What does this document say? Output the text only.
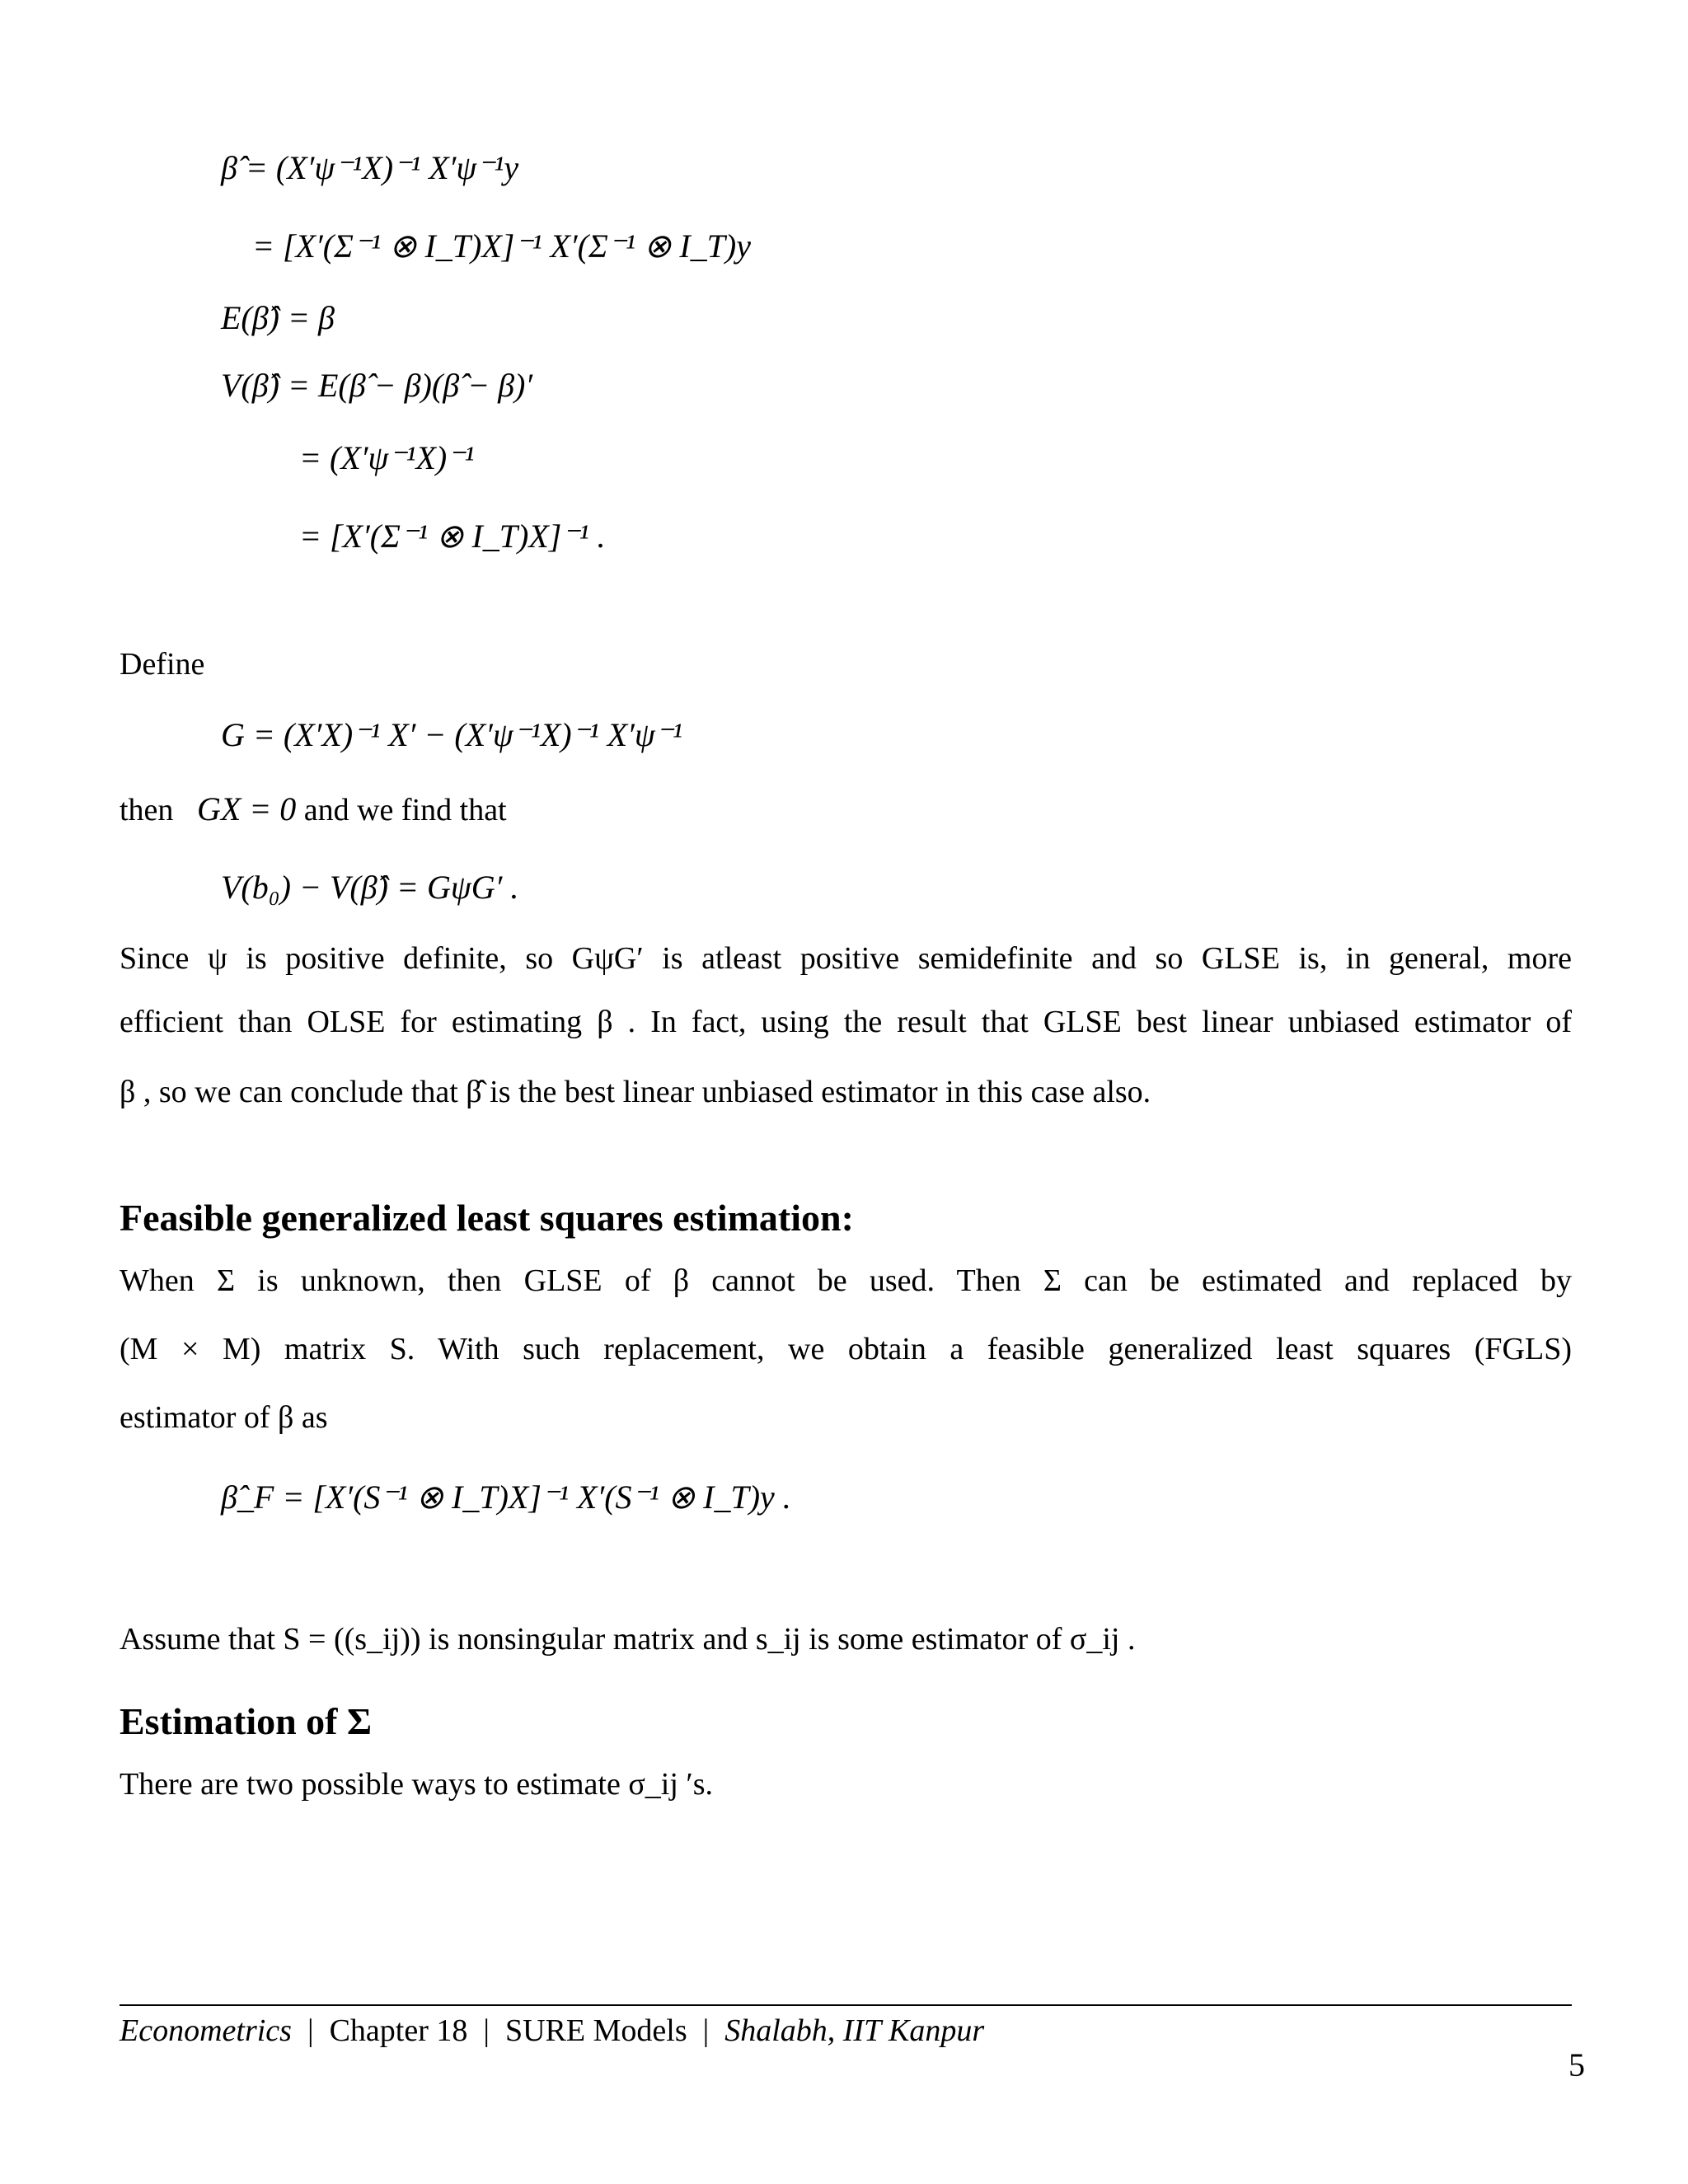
β̂ = (X′ψ⁻¹X)⁻¹ X′ψ⁻¹y
= [X′(Σ⁻¹ ⊗ I_T)X]⁻¹ X′(Σ⁻¹ ⊗ I_T)y
E(β̂) = β
V(β̂) = E(β̂ − β)(β̂ − β)′
= (X′ψ⁻¹X)⁻¹
= [X′(Σ⁻¹ ⊗ I_T)X]⁻¹ .
Define
G = (X′X)⁻¹ X′ − (X′ψ⁻¹X)⁻¹ X′ψ⁻¹
then GX = 0 and we find that
V(b₀) − V(β̂) = GψG′ .
Since ψ is positive definite, so GψG′ is atleast positive semidefinite and so GLSE is, in general, more
efficient than OLSE for estimating β . In fact, using the result that GLSE best linear unbiased estimator of
β , so we can conclude that β̂ is the best linear unbiased estimator in this case also.
Feasible generalized least squares estimation:
When Σ is unknown, then GLSE of β cannot be used. Then Σ can be estimated and replaced by
(M × M) matrix S. With such replacement, we obtain a feasible generalized least squares (FGLS)
estimator of β as
β̂_F = [X′(S⁻¹ ⊗ I_T)X]⁻¹ X′(S⁻¹ ⊗ I_T)y .
Assume that S = ((s_ij)) is nonsingular matrix and s_ij is some estimator of σ_ij .
Estimation of Σ
There are two possible ways to estimate σ_ij ′s.
Econometrics | Chapter 18 | SURE Models | Shalabh, IIT Kanpur
5
